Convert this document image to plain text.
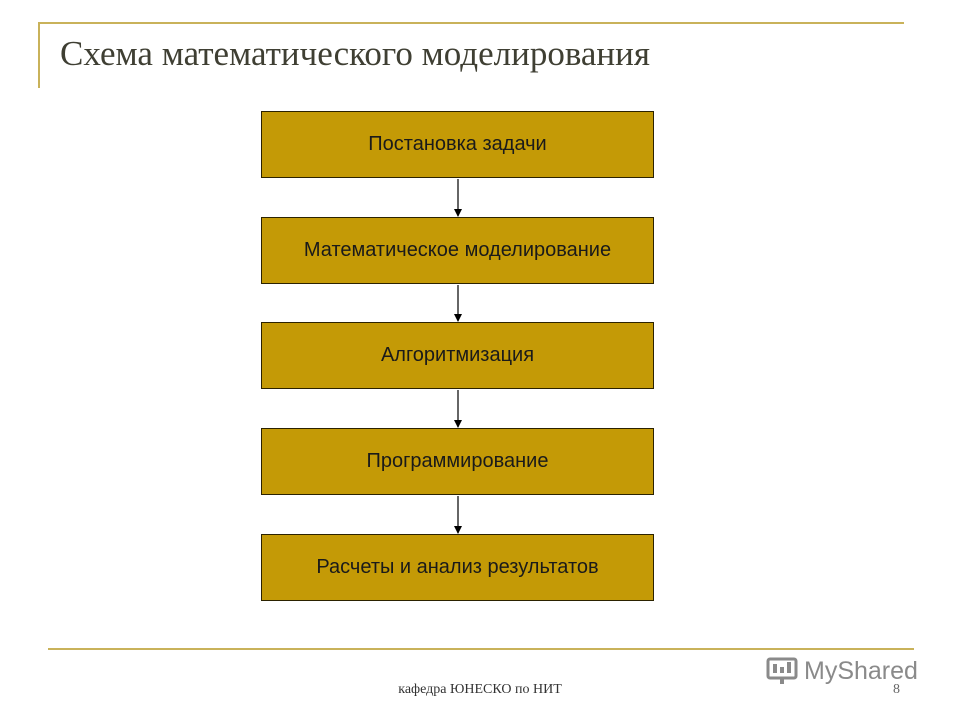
Схема математического моделирования
Постановка задачи
Математическое моделирование
Алгоритмизация
Программирование
Расчеты и анализ результатов
кафедра ЮНЕСКО по НИТ	8
MyShared
